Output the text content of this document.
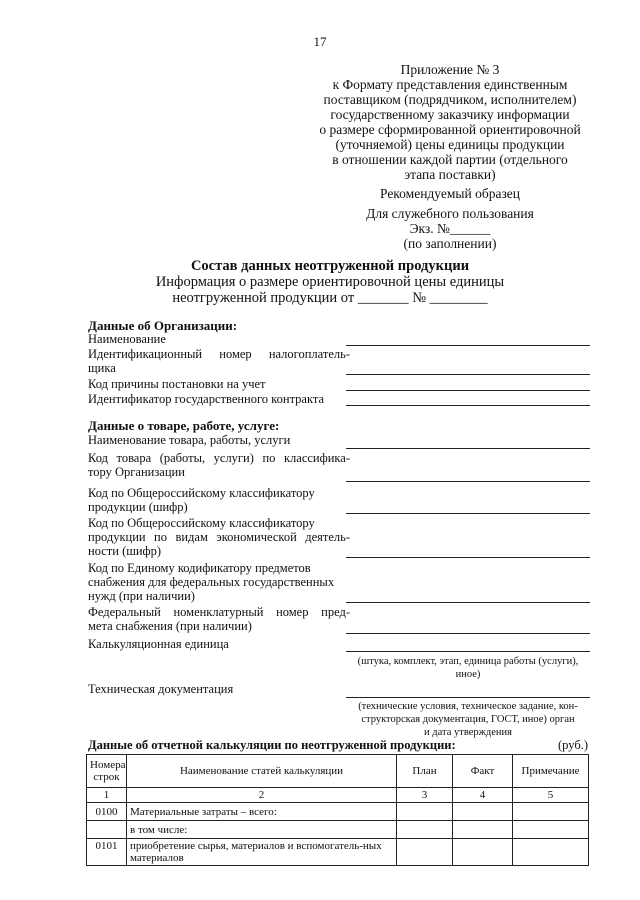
17
Приложение № 3
к Формату представления единственным
поставщиком (подрядчиком, исполнителем)
государственному заказчику информации
о размере сформированной ориентировочной
(уточняемой) цены единицы продукции
в отношении каждой партии (отдельного
этапа поставки)
Рекомендуемый образец
Для служебного пользования
Экз. №______
(по заполнении)
Состав данных неотгруженной продукции
Информация о размере ориентировочной цены единицы
неотгруженной продукции от _______ № ________
Данные об Организации:
Наименование
Идентификационный номер налогоплатель-
щика
Код причины постановки на учет
Идентификатор государственного контракта
Данные о товаре, работе, услуге:
Наименование товара, работы, услуги
Код товара (работы, услуги) по классифика-
тору Организации
Код по Общероссийскому классификатору
продукции (шифр)
Код по Общероссийскому классификатору
продукции по видам экономической деятель-
ности (шифр)
Код по Единому кодификатору предметов
снабжения для федеральных государственных
нужд (при наличии)
Федеральный номенклатурный номер пред-
мета снабжения (при наличии)
Калькуляционная единица
(штука, комплект, этап, единица работы (услуги),
иное)
Техническая документация
(технические условия, техническое задание, кон-
структорская документация, ГОСТ, иное) орган
и дата утверждения
Данные об отчетной калькуляции по неотгруженной продукции:	(руб.)
Номера
строк	Наименование статей калькуляции	План	Факт	Примечание
1	2	3	4	5
0100	Материальные затраты – всего:			
	в том числе:			
0101	приобретение сырья, материалов и вспомогатель-ных материалов			
